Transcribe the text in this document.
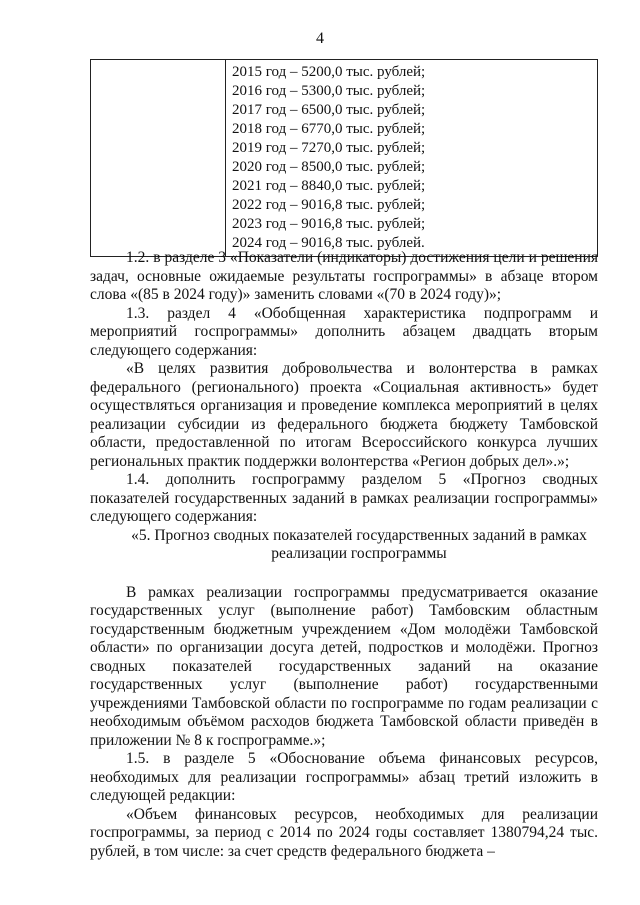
4

2015 год – 5200,0 тыс. рублей;
2016 год – 5300,0 тыс. рублей;
2017 год – 6500,0 тыс. рублей;
2018 год – 6770,0 тыс. рублей;
2019 год – 7270,0 тыс. рублей;
2020 год – 8500,0 тыс. рублей;
2021 год – 8840,0 тыс. рублей;
2022 год – 9016,8 тыс. рублей;
2023 год – 9016,8 тыс. рублей;
2024 год – 9016,8 тыс. рублей.

1.2. в разделе 3 «Показатели (индикаторы) достижения цели и решения задач, основные ожидаемые результаты госпрограммы» в абзаце втором слова «(85 в 2024 году)» заменить словами «(70 в 2024 году)»;

1.3. раздел 4 «Обобщенная характеристика подпрограмм и мероприятий госпрограммы» дополнить абзацем двадцать вторым следующего содержания:

«В целях развития добровольчества и волонтерства в рамках федерального (регионального) проекта «Социальная активность» будет осуществляться организация и проведение комплекса мероприятий в целях реализации субсидии из федерального бюджета бюджету Тамбовской области, предоставленной по итогам Всероссийского конкурса лучших региональных практик поддержки волонтерства «Регион добрых дел».»;

1.4. дополнить госпрограмму разделом 5 «Прогноз сводных показателей государственных заданий в рамках реализации госпрограммы» следующего содержания:

«5. Прогноз сводных показателей государственных заданий в рамках реализации госпрограммы

В рамках реализации госпрограммы предусматривается оказание государственных услуг (выполнение работ) Тамбовским областным государственным бюджетным учреждением «Дом молодёжи Тамбовской области» по организации досуга детей, подростков и молодёжи. Прогноз сводных показателей государственных заданий на оказание государственных услуг (выполнение работ) государственными учреждениями Тамбовской области по госпрограмме по годам реализации с необходимым объёмом расходов бюджета Тамбовской области приведён в приложении № 8 к госпрограмме.»;

1.5. в разделе 5 «Обоснование объема финансовых ресурсов, необходимых для реализации госпрограммы» абзац третий изложить в следующей редакции:

«Объем финансовых ресурсов, необходимых для реализации госпрограммы, за период с 2014 по 2024 годы составляет 1380794,24 тыс. рублей, в том числе: за счет средств федерального бюджета –
